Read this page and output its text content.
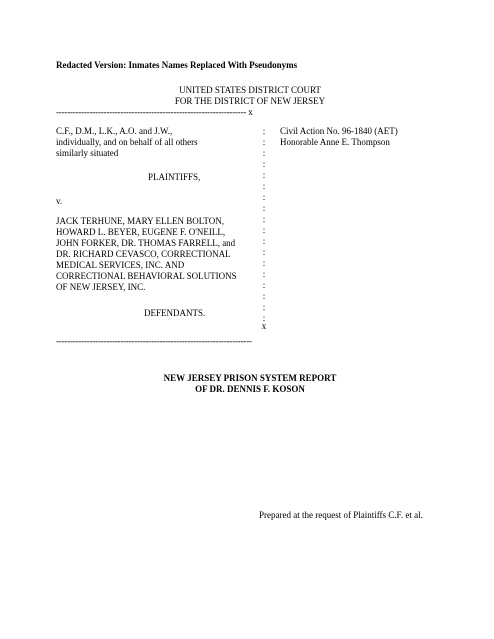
Redacted Version: Inmates Names Replaced With Pseudonyms
UNITED STATES DISTRICT COURT
FOR THE DISTRICT OF NEW JERSEY
-------------------------------------------------------------------- x
C.F., D.M., L.K., A.O. and J.W.,
individually, and on behalf of all others
similarly situated
PLAINTIFFS,
v.
JACK TERHUNE, MARY ELLEN BOLTON,
HOWARD L. BEYER, EUGENE F. O'NEILL,
JOHN FORKER, DR. THOMAS FARRELL, and
DR. RICHARD CEVASCO, CORRECTIONAL
MEDICAL SERVICES, INC. AND
CORRECTIONAL BEHAVIORAL SOLUTIONS
OF NEW JERSEY, INC.
DEFENDANTS.
:
:
:
:
:
:
:
:
:
:
:
:
:
:
:
:
:
:
x
Civil Action No. 96-1840 (AET)
Honorable Anne E. Thompson
----------------------------------------------------------------------
NEW JERSEY PRISON SYSTEM REPORT
OF DR. DENNIS F. KOSON
Prepared at the request of Plaintiffs C.F. et al.
